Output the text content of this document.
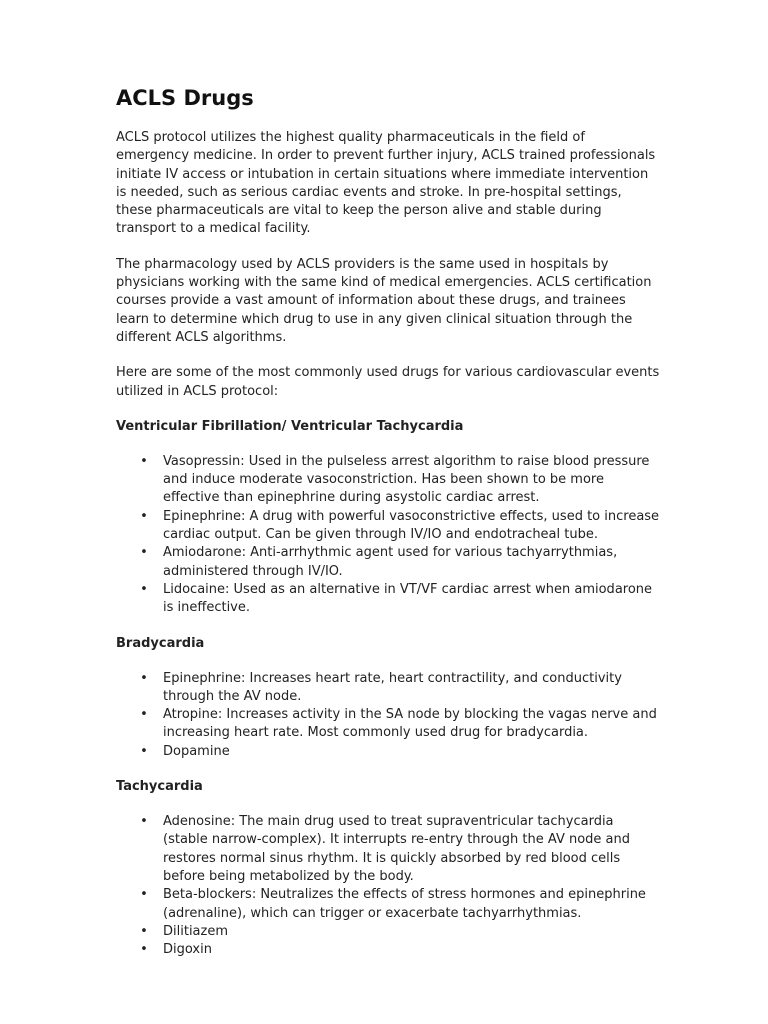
ACLS Drugs

ACLS protocol utilizes the highest quality pharmaceuticals in the field of emergency medicine. In order to prevent further injury, ACLS trained professionals initiate IV access or intubation in certain situations where immediate intervention is needed, such as serious cardiac events and stroke. In pre-hospital settings, these pharmaceuticals are vital to keep the person alive and stable during transport to a medical facility.

The pharmacology used by ACLS providers is the same used in hospitals by physicians working with the same kind of medical emergencies. ACLS certification courses provide a vast amount of information about these drugs, and trainees learn to determine which drug to use in any given clinical situation through the different ACLS algorithms.

Here are some of the most commonly used drugs for various cardiovascular events utilized in ACLS protocol:

Ventricular Fibrillation/ Ventricular Tachycardia
• Vasopressin: Used in the pulseless arrest algorithm to raise blood pressure and induce moderate vasoconstriction. Has been shown to be more effective than epinephrine during asystolic cardiac arrest.
• Epinephrine: A drug with powerful vasoconstrictive effects, used to increase cardiac output. Can be given through IV/IO and endotracheal tube.
• Amiodarone: Anti-arrhythmic agent used for various tachyarrythmias, administered through IV/IO.
• Lidocaine: Used as an alternative in VT/VF cardiac arrest when amiodarone is ineffective.
Bradycardia
• Epinephrine: Increases heart rate, heart contractility, and conductivity through the AV node.
• Atropine: Increases activity in the SA node by blocking the vagas nerve and increasing heart rate. Most commonly used drug for bradycardia.
• Dopamine
Tachycardia
• Adenosine: The main drug used to treat supraventricular tachycardia (stable narrow-complex). It interrupts re-entry through the AV node and restores normal sinus rhythm. It is quickly absorbed by red blood cells before being metabolized by the body.
• Beta-blockers: Neutralizes the effects of stress hormones and epinephrine (adrenaline), which can trigger or exacerbate tachyarrhythmias.
• Dilitiazem
• Digoxin
